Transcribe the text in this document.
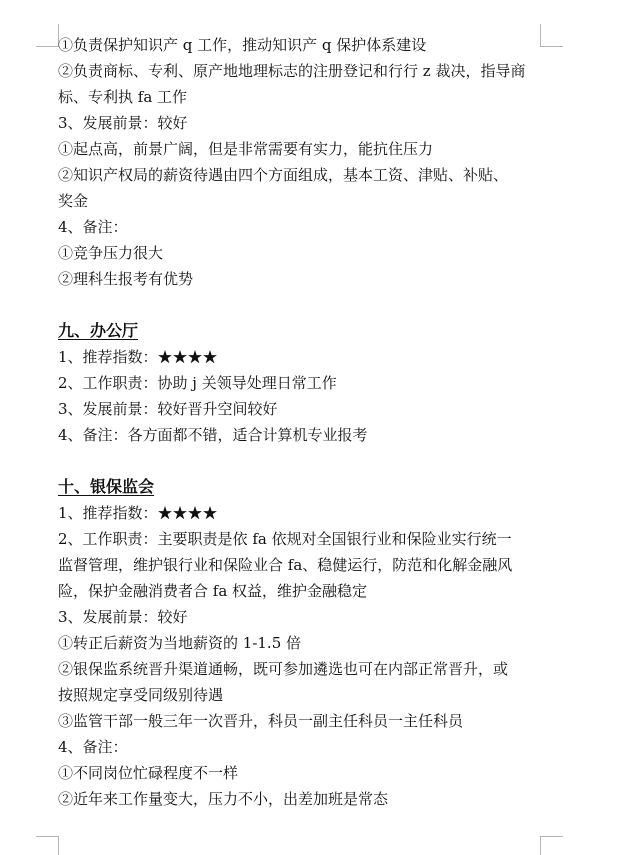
①负责保护知识产 q 工作，推动知识产 q 保护体系建设
②负责商标、专利、原产地地理标志的注册登记和行行 z 裁决，指导商
标、专利执 fa 工作
3、发展前景：较好
①起点高，前景广阔，但是非常需要有实力，能抗住压力
②知识产权局的薪资待遇由四个方面组成，基本工资、津贴、补贴、
奖金
4、备注：
①竞争压力很大
②理科生报考有优势
九、办公厅
1、推荐指数：★★★★
2、工作职责：协助 j 关领导处理日常工作
3、发展前景：较好晋升空间较好
4、备注：各方面都不错，适合计算机专业报考
十、银保监会
1、推荐指数：★★★★
2、工作职责：主要职责是依 fa 依规对全国银行业和保险业实行统一
监督管理，维护银行业和保险业合 fa、稳健运行，防范和化解金融风
险，保护金融消费者合 fa 权益，维护金融稳定
3、发展前景：较好
①转正后薪资为当地薪资的 1-1.5 倍
②银保监系统晋升渠道通畅，既可参加遴选也可在内部正常晋升，或
按照规定享受同级别待遇
③监管干部一般三年一次晋升，科员一副主任科员一主任科员
4、备注：
①不同岗位忙碌程度不一样
②近年来工作量变大，压力不小，出差加班是常态
